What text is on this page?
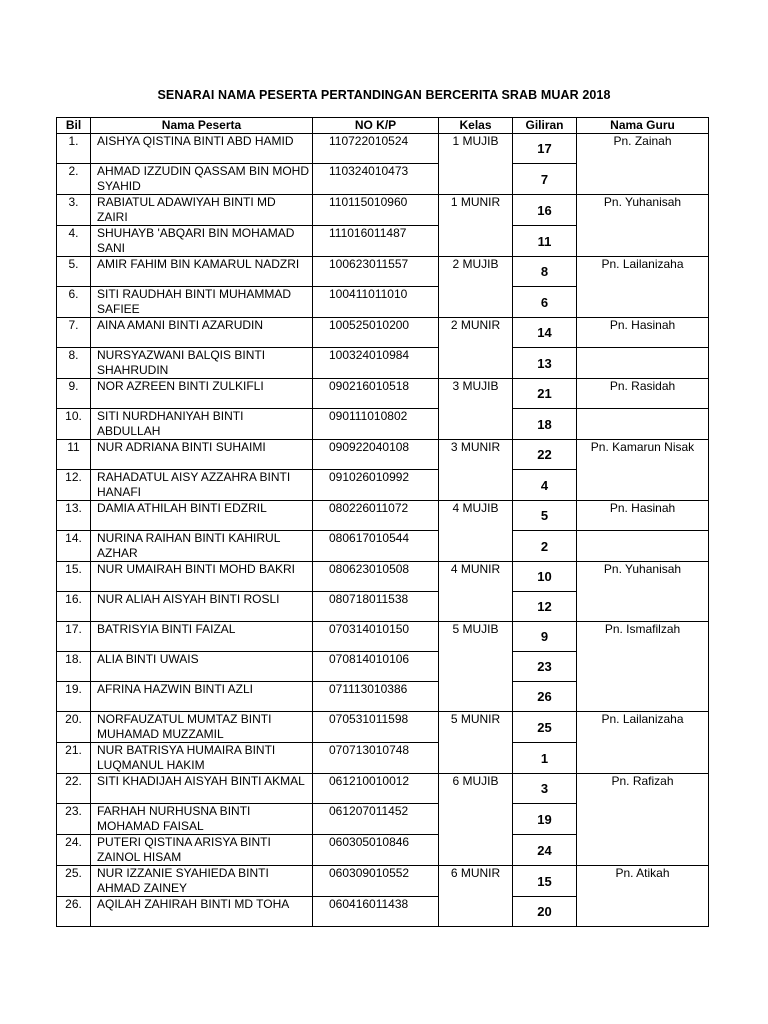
SENARAI NAMA PESERTA PERTANDINGAN BERCERITA SRAB MUAR 2018
Bil	Nama Peserta	NO K/P	Kelas	Giliran	Nama Guru
1.	AISHYA QISTINA BINTI ABD HAMID	110722010524	1 MUJIB	17	Pn. Zainah
2.	AHMAD IZZUDIN QASSAM BIN MOHD SYAHID	110324010473		7	
3.	RABIATUL ADAWIYAH BINTI MD ZAIRI	110115010960	1 MUNIR	16	Pn. Yuhanisah
4.	SHUHAYB 'ABQARI BIN MOHAMAD SANI	111016011487		11	
5.	AMIR FAHIM BIN KAMARUL NADZRI	100623011557	2 MUJIB	8	Pn. Lailanizaha
6.	SITI RAUDHAH BINTI MUHAMMAD SAFIEE	100411011010		6	
7.	AINA AMANI BINTI AZARUDIN	100525010200	2 MUNIR	14	Pn. Hasinah
8.	NURSYAZWANI BALQIS BINTI SHAHRUDIN	100324010984		13	
9.	NOR AZREEN BINTI ZULKIFLI	090216010518	3 MUJIB	21	Pn. Rasidah
10.	SITI NURDHANIYAH BINTI ABDULLAH	090111010802		18	
11	NUR ADRIANA BINTI SUHAIMI	090922040108	3 MUNIR	22	Pn. Kamarun Nisak
12.	RAHADATUL AISY AZZAHRA BINTI HANAFI	091026010992		4	
13.	DAMIA ATHILAH BINTI EDZRIL	080226011072	4 MUJIB	5	Pn. Hasinah
14.	NURINA RAIHAN BINTI KAHIRUL AZHAR	080617010544		2	
15.	NUR UMAIRAH BINTI MOHD BAKRI	080623010508	4 MUNIR	10	Pn. Yuhanisah
16.	NUR ALIAH AISYAH BINTI ROSLI	080718011538		12	
17.	BATRISYIA BINTI FAIZAL	070314010150	5 MUJIB	9	Pn. Ismafilzah
18.	ALIA BINTI UWAIS	070814010106		23	
19.	AFRINA HAZWIN BINTI AZLI	071113010386		26	
20.	NORFAUZATUL MUMTAZ BINTI MUHAMAD MUZZAMIL	070531011598	5 MUNIR	25	Pn. Lailanizaha
21.	NUR BATRISYA HUMAIRA BINTI LUQMANUL HAKIM	070713010748		1	
22.	SITI KHADIJAH AISYAH BINTI AKMAL	061210010012	6 MUJIB	3	Pn. Rafizah
23.	FARHAH NURHUSNA BINTI MOHAMAD FAISAL	061207011452		19	
24.	PUTERI QISTINA ARISYA BINTI ZAINOL HISAM	060305010846		24	
25.	NUR IZZANIE SYAHIEDA BINTI AHMAD ZAINEY	060309010552	6 MUNIR	15	Pn. Atikah
26.	AQILAH ZAHIRAH BINTI MD TOHA	060416011438		20	
